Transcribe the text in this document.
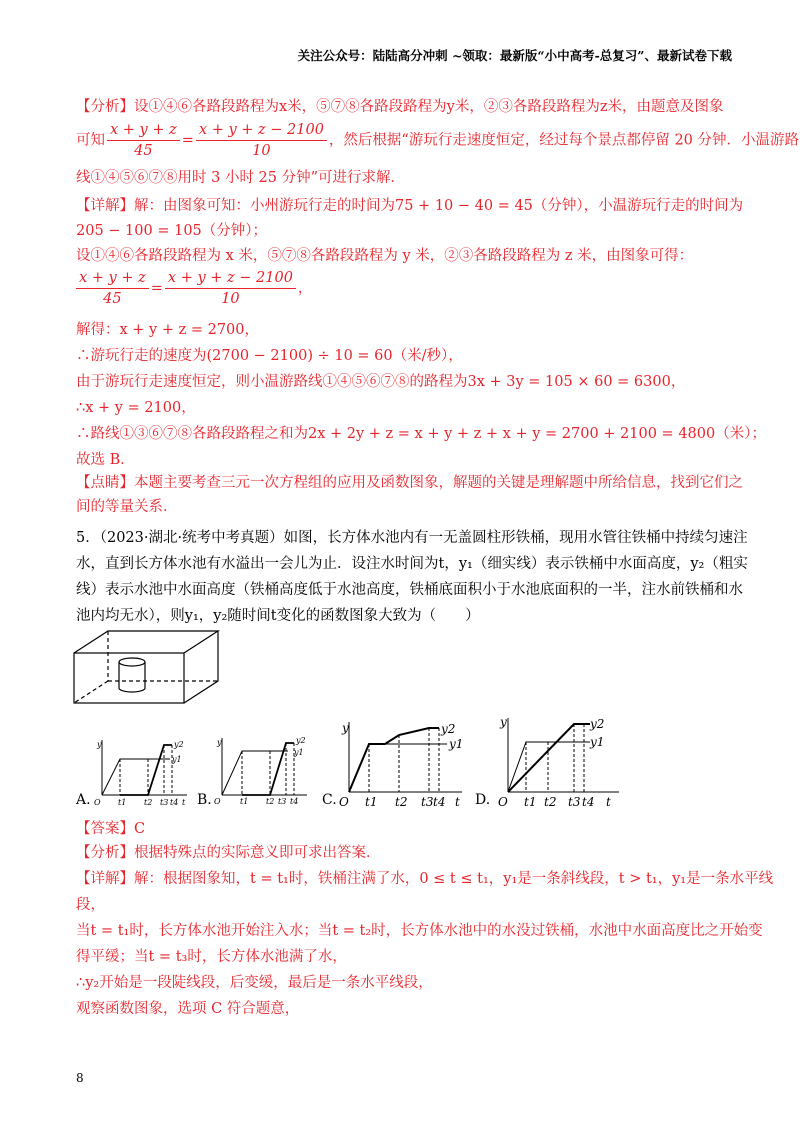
关注公众号：陆陆高分冲刺 ~领取：最新版“小中高考-总复习”、最新试卷下载
【分析】设①④⑥各路段路程为x米，⑤⑦⑧各路段路程为y米，②③各路段路程为z米，由题意及图象
可知 $\frac{x + y + z}{45} = \frac{x + y + z - 2100}{10}$ ，然后根据“游玩行走速度恒定，经过每个景点都停留 20 分钟．小温游路
线①④⑤⑥⑦⑧用时 3 小时 25 分钟”可进行求解．
【详解】解：由图象可知：小州游玩行走的时间为75 + 10 − 40 = 45（分钟），小温游玩行走的时间为
205 − 100 = 105（分钟）；
设①④⑥各路段路程为 x 米，⑤⑦⑧各路段路程为 y 米，②③各路段路程为 z 米，由图象可得：
$\frac{x + y + z}{45} = \frac{x + y + z - 2100}{10}$ ，
解得：x + y + z = 2700，
∴游玩行走的速度为(2700 − 2100) ÷ 10 = 60（米/秒），
由于游玩行走速度恒定，则小温游路线①④⑤⑥⑦⑧的路程为3x + 3y = 105 × 60 = 6300，
∴x + y = 2100，
∴路线①③⑥⑦⑧各路段路程之和为2x + 2y + z = x + y + z + x + y = 2700 + 2100 = 4800（米）；
故选 B．
【点睛】本题主要考查三元一次方程组的应用及函数图象，解题的关键是理解题中所给信息，找到它们之
间的等量关系．
5．（2023·湖北·统考中考真题）如图，长方体水池内有一无盖圆柱形铁桶，现用水管往铁桶中持续匀速注
水，直到长方体水池有水溢出一会儿为止．设注水时间为t，y₁（细实线）表示铁桶中水面高度，y₂（粗实
线）表示水池中水面高度（铁桶高度低于水池高度，铁桶底面积小于水池底面积的一半，注水前铁桶和水
池内均无水），则y₁，y₂随时间t变化的函数图象大致为（　　）
A.	B.	C.	D.
y	y2
y1
O t1 t2 t3 t4 t
y	y2
y1
O t1 t2 t3 t4
y	y2
y1
O t1 t2 t3 t4 t
y	y2
y1
O t1 t2 t3 t4 t
【答案】C
【分析】根据特殊点的实际意义即可求出答案．
【详解】解：根据图象知，t = t₁时，铁桶注满了水，0 ≤ t ≤ t₁，y₁是一条斜线段，t > t₁，y₁是一条水平线
段，
当t = t₁时，长方体水池开始注入水；当t = t₂时，长方体水池中的水没过铁桶，水池中水面高度比之开始变
得平缓；当t = t₃时，长方体水池满了水，
∴y₂开始是一段陡线段，后变缓，最后是一条水平线段，
观察函数图象，选项 C 符合题意，
8
